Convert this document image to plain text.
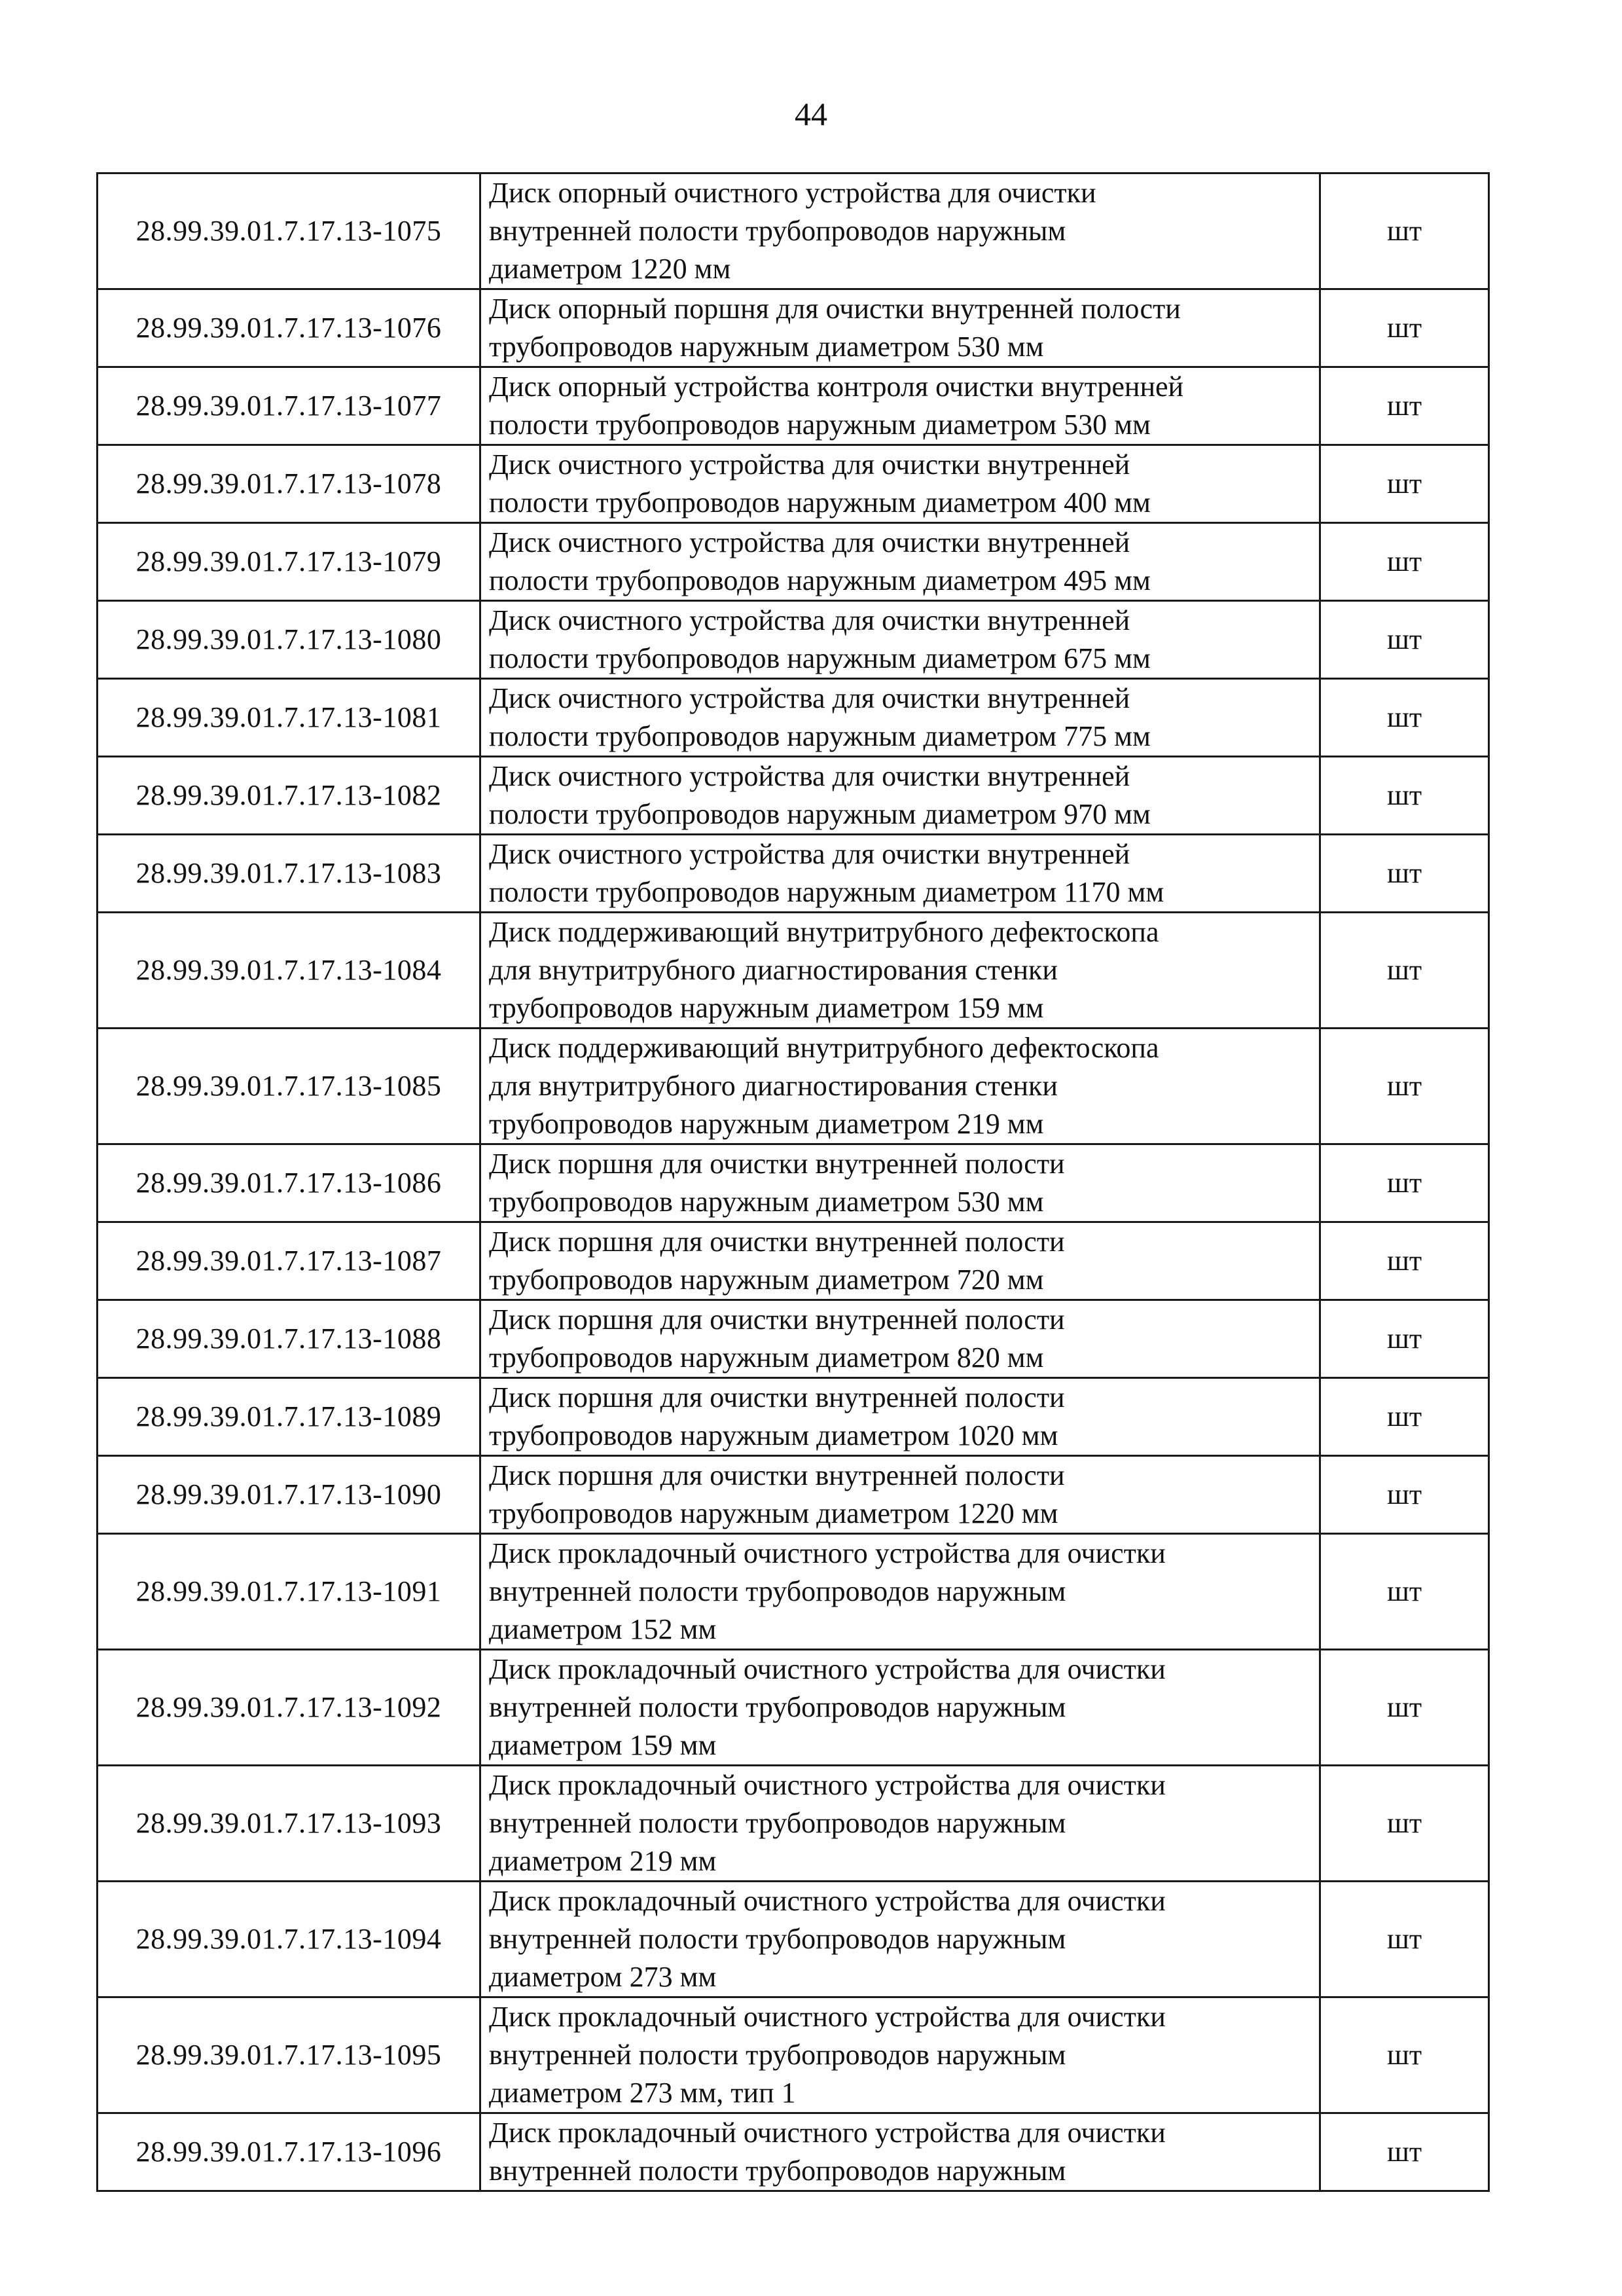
44
28.99.39.01.7.17.13-1075	Диск опорный очистного устройства для очистки
внутренней полости трубопроводов наружным
диаметром 1220 мм	шт
28.99.39.01.7.17.13-1076	Диск опорный поршня для очистки внутренней полости
трубопроводов наружным диаметром 530 мм	шт
28.99.39.01.7.17.13-1077	Диск опорный устройства контроля очистки внутренней
полости трубопроводов наружным диаметром 530 мм	шт
28.99.39.01.7.17.13-1078	Диск очистного устройства для очистки внутренней
полости трубопроводов наружным диаметром 400 мм	шт
28.99.39.01.7.17.13-1079	Диск очистного устройства для очистки внутренней
полости трубопроводов наружным диаметром 495 мм	шт
28.99.39.01.7.17.13-1080	Диск очистного устройства для очистки внутренней
полости трубопроводов наружным диаметром 675 мм	шт
28.99.39.01.7.17.13-1081	Диск очистного устройства для очистки внутренней
полости трубопроводов наружным диаметром 775 мм	шт
28.99.39.01.7.17.13-1082	Диск очистного устройства для очистки внутренней
полости трубопроводов наружным диаметром 970 мм	шт
28.99.39.01.7.17.13-1083	Диск очистного устройства для очистки внутренней
полости трубопроводов наружным диаметром 1170 мм	шт
28.99.39.01.7.17.13-1084	Диск поддерживающий внутритрубного дефектоскопа
для внутритрубного диагностирования стенки
трубопроводов наружным диаметром 159 мм	шт
28.99.39.01.7.17.13-1085	Диск поддерживающий внутритрубного дефектоскопа
для внутритрубного диагностирования стенки
трубопроводов наружным диаметром 219 мм	шт
28.99.39.01.7.17.13-1086	Диск поршня для очистки внутренней полости
трубопроводов наружным диаметром 530 мм	шт
28.99.39.01.7.17.13-1087	Диск поршня для очистки внутренней полости
трубопроводов наружным диаметром 720 мм	шт
28.99.39.01.7.17.13-1088	Диск поршня для очистки внутренней полости
трубопроводов наружным диаметром 820 мм	шт
28.99.39.01.7.17.13-1089	Диск поршня для очистки внутренней полости
трубопроводов наружным диаметром 1020 мм	шт
28.99.39.01.7.17.13-1090	Диск поршня для очистки внутренней полости
трубопроводов наружным диаметром 1220 мм	шт
28.99.39.01.7.17.13-1091	Диск прокладочный очистного устройства для очистки
внутренней полости трубопроводов наружным
диаметром 152 мм	шт
28.99.39.01.7.17.13-1092	Диск прокладочный очистного устройства для очистки
внутренней полости трубопроводов наружным
диаметром 159 мм	шт
28.99.39.01.7.17.13-1093	Диск прокладочный очистного устройства для очистки
внутренней полости трубопроводов наружным
диаметром 219 мм	шт
28.99.39.01.7.17.13-1094	Диск прокладочный очистного устройства для очистки
внутренней полости трубопроводов наружным
диаметром 273 мм	шт
28.99.39.01.7.17.13-1095	Диск прокладочный очистного устройства для очистки
внутренней полости трубопроводов наружным
диаметром 273 мм, тип 1	шт
28.99.39.01.7.17.13-1096	Диск прокладочный очистного устройства для очистки
внутренней полости трубопроводов наружным	шт
